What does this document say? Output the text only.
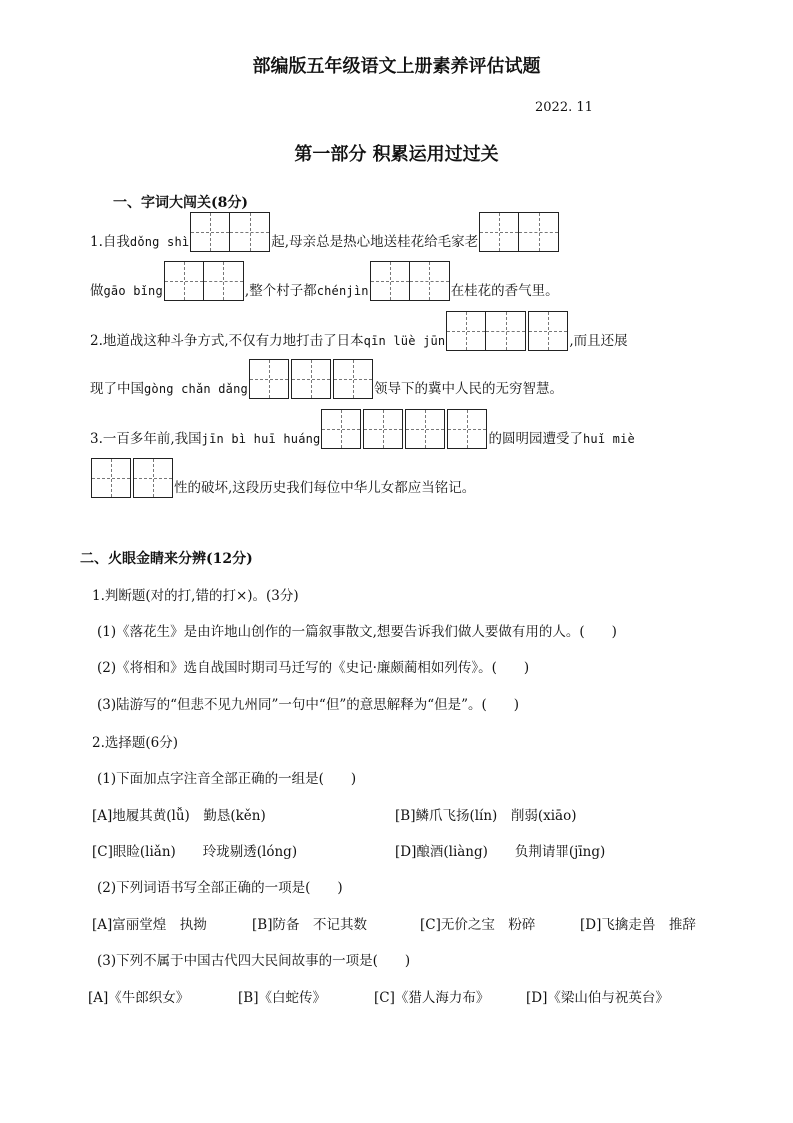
部编版五年级语文上册素养评估试题
2022. 11
第一部分 积累运用过过关
一、字词大闯关(8分)
1.自我 dǒng shì	起,母亲总是热心地送桂花给毛家老
做 gāo bǐng	,整个村子都 chénjìn	在桂花的香气里。
2.地道战这种斗争方式,不仅有力地打击了日本 qīn lüè jūn	,而且还展
现了中国 gòng chǎn dǎng	领导下的冀中人民的无穷智慧。
3.一百多年前,我国 jīn bì huī huáng	的圆明园遭受了 huǐ miè
性的破坏,这段历史我们每位中华儿女都应当铭记。
二、火眼金睛来分辨(12分)
1.判断题(对的打,错的打×)。(3分)
(1)《落花生》是由许地山创作的一篇叙事散文,想要告诉我们做人要做有用的人。(　　)
(2)《将相和》选自战国时期司马迁写的《史记·廉颇蔺相如列传》。(　　)
(3)陆游写的“但悲不见九州同”一句中“但”的意思解释为“但是”。(　　)
2.选择题(6分)
(1)下面加点字注音全部正确的一组是(　　)
[A]地履其黄(lǚ)　勤恳(kěn)	[B]鳞爪飞扬(lín)　削弱(xiāo)
[C]眼睑(liǎn)　　玲珑剔透(lóng)	[D]酿酒(liàng)　　负荆请罪(jīng)
(2)下列词语书写全部正确的一项是(　　)
[A]富丽堂煌　执拗	[B]防备　不记其数	[C]无价之宝　粉碎	[D]飞擒走兽　推辞
(3)下列不属于中国古代四大民间故事的一项是(　　)
[A]《牛郎织女》	[B]《白蛇传》	[C]《猎人海力布》	[D]《梁山伯与祝英台》
